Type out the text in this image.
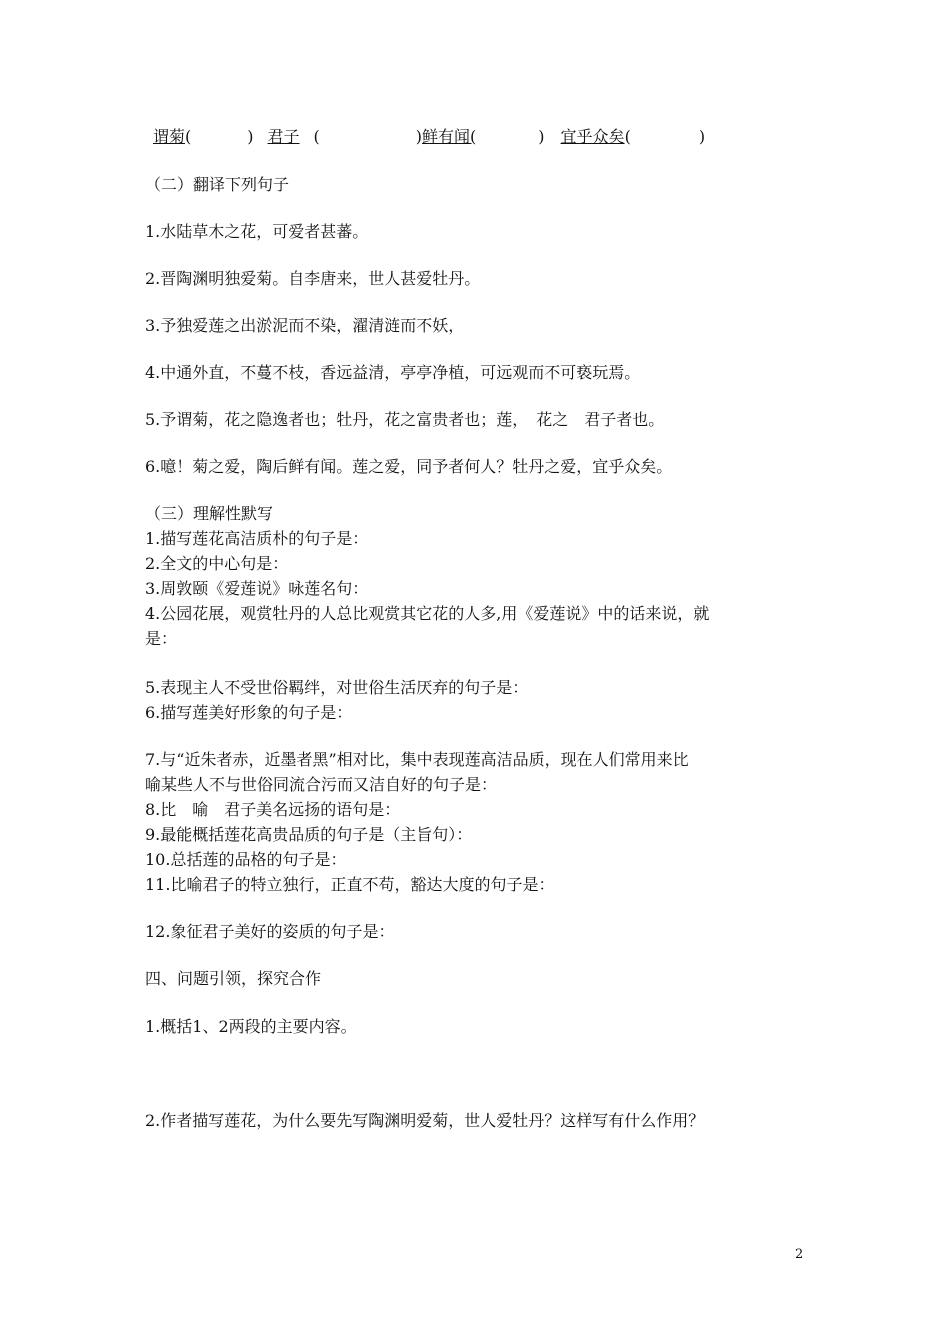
谓菊(	) 君子 (	)鲜有闻(	) 宜乎众矣(	)
（二）翻译下列句子
1.水陆草木之花，可爱者甚蕃。
2.晋陶渊明独爱菊。自李唐来，世人甚爱牡丹。
3.予独爱莲之出淤泥而不染，濯清涟而不妖，
4.中通外直，不蔓不枝，香远益清，亭亭净植，可远观而不可亵玩焉。
5.予谓菊，花之隐逸者也；牡丹，花之富贵者也；莲，　花之　君子者也。
6.噫！菊之爱，陶后鲜有闻。莲之爱，同予者何人？牡丹之爱，宜乎众矣。
（三）理解性默写
1.描写莲花高洁质朴的句子是：
2.全文的中心句是：
3.周敦颐《爱莲说》咏莲名句：
4.公园花展，观赏牡丹的人总比观赏其它花的人多,用《爱莲说》中的话来说，就
是：
5.表现主人不受世俗羁绊，对世俗生活厌弃的句子是：
6.描写莲美好形象的句子是：
7.与“近朱者赤，近墨者黑”相对比，集中表现莲高洁品质，现在人们常用来比
喻某些人不与世俗同流合污而又洁自好的句子是：
8.比　喻　君子美名远扬的语句是：
9.最能概括莲花高贵品质的句子是（主旨句）：
10.总括莲的品格的句子是：
11.比喻君子的特立独行，正直不苟，豁达大度的句子是：
12.象征君子美好的姿质的句子是：
四、问题引领，探究合作
1.概括1、2两段的主要内容。
2.作者描写莲花，为什么要先写陶渊明爱菊，世人爱牡丹？这样写有什么作用？
2
